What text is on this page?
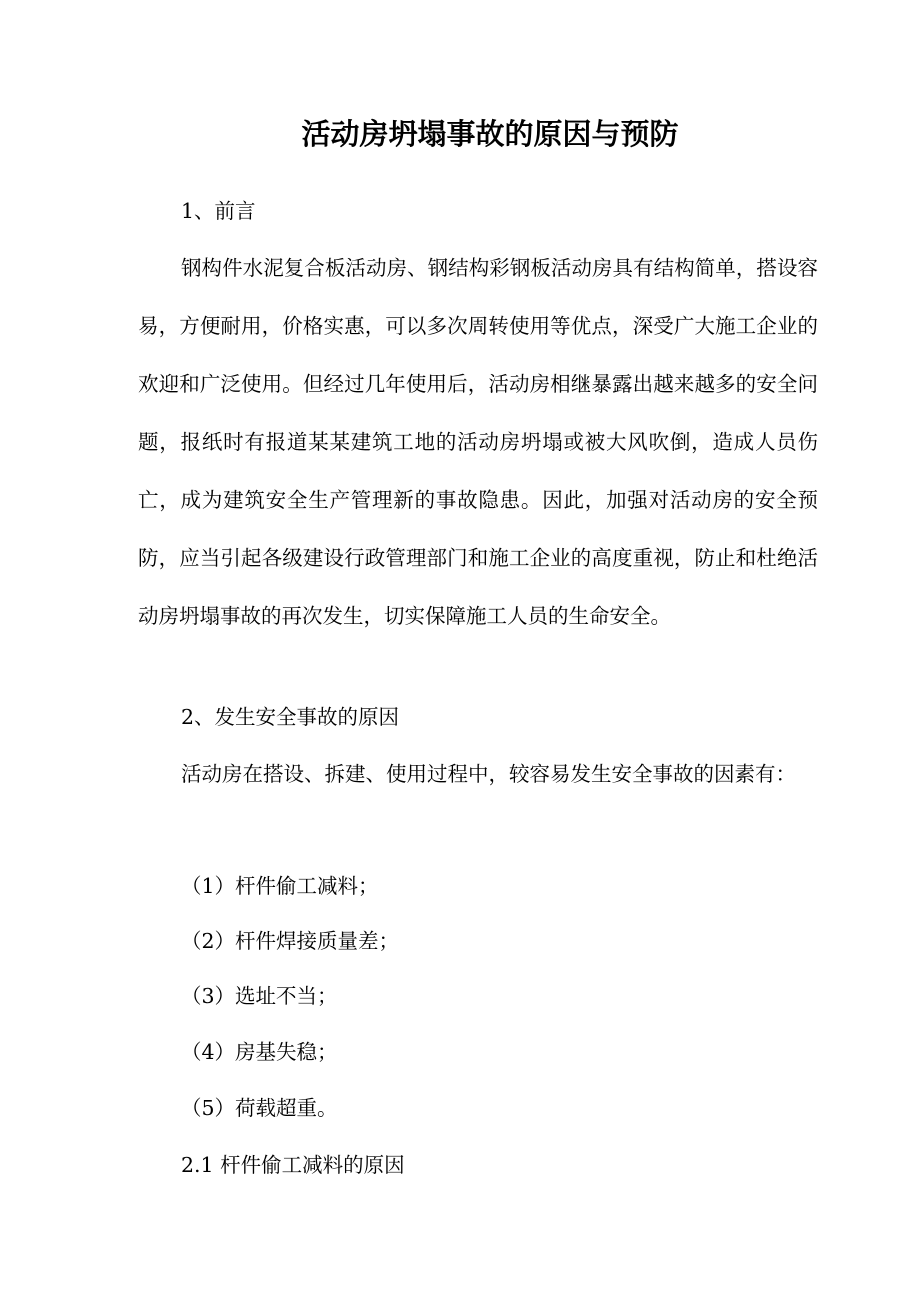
活动房坍塌事故的原因与预防

1、前言

钢构件水泥复合板活动房、钢结构彩钢板活动房具有结构简单，搭设容易，方便耐用，价格实惠，可以多次周转使用等优点，深受广大施工企业的欢迎和广泛使用。但经过几年使用后，活动房相继暴露出越来越多的安全问题，报纸时有报道某某建筑工地的活动房坍塌或被大风吹倒，造成人员伤亡，成为建筑安全生产管理新的事故隐患。因此，加强对活动房的安全预防，应当引起各级建设行政管理部门和施工企业的高度重视，防止和杜绝活动房坍塌事故的再次发生，切实保障施工人员的生命安全。

2、发生安全事故的原因

活动房在搭设、拆建、使用过程中，较容易发生安全事故的因素有：

（1）杆件偷工减料；

（2）杆件焊接质量差；

（3）选址不当；

（4）房基失稳；

（5）荷载超重。

2.1 杆件偷工减料的原因
